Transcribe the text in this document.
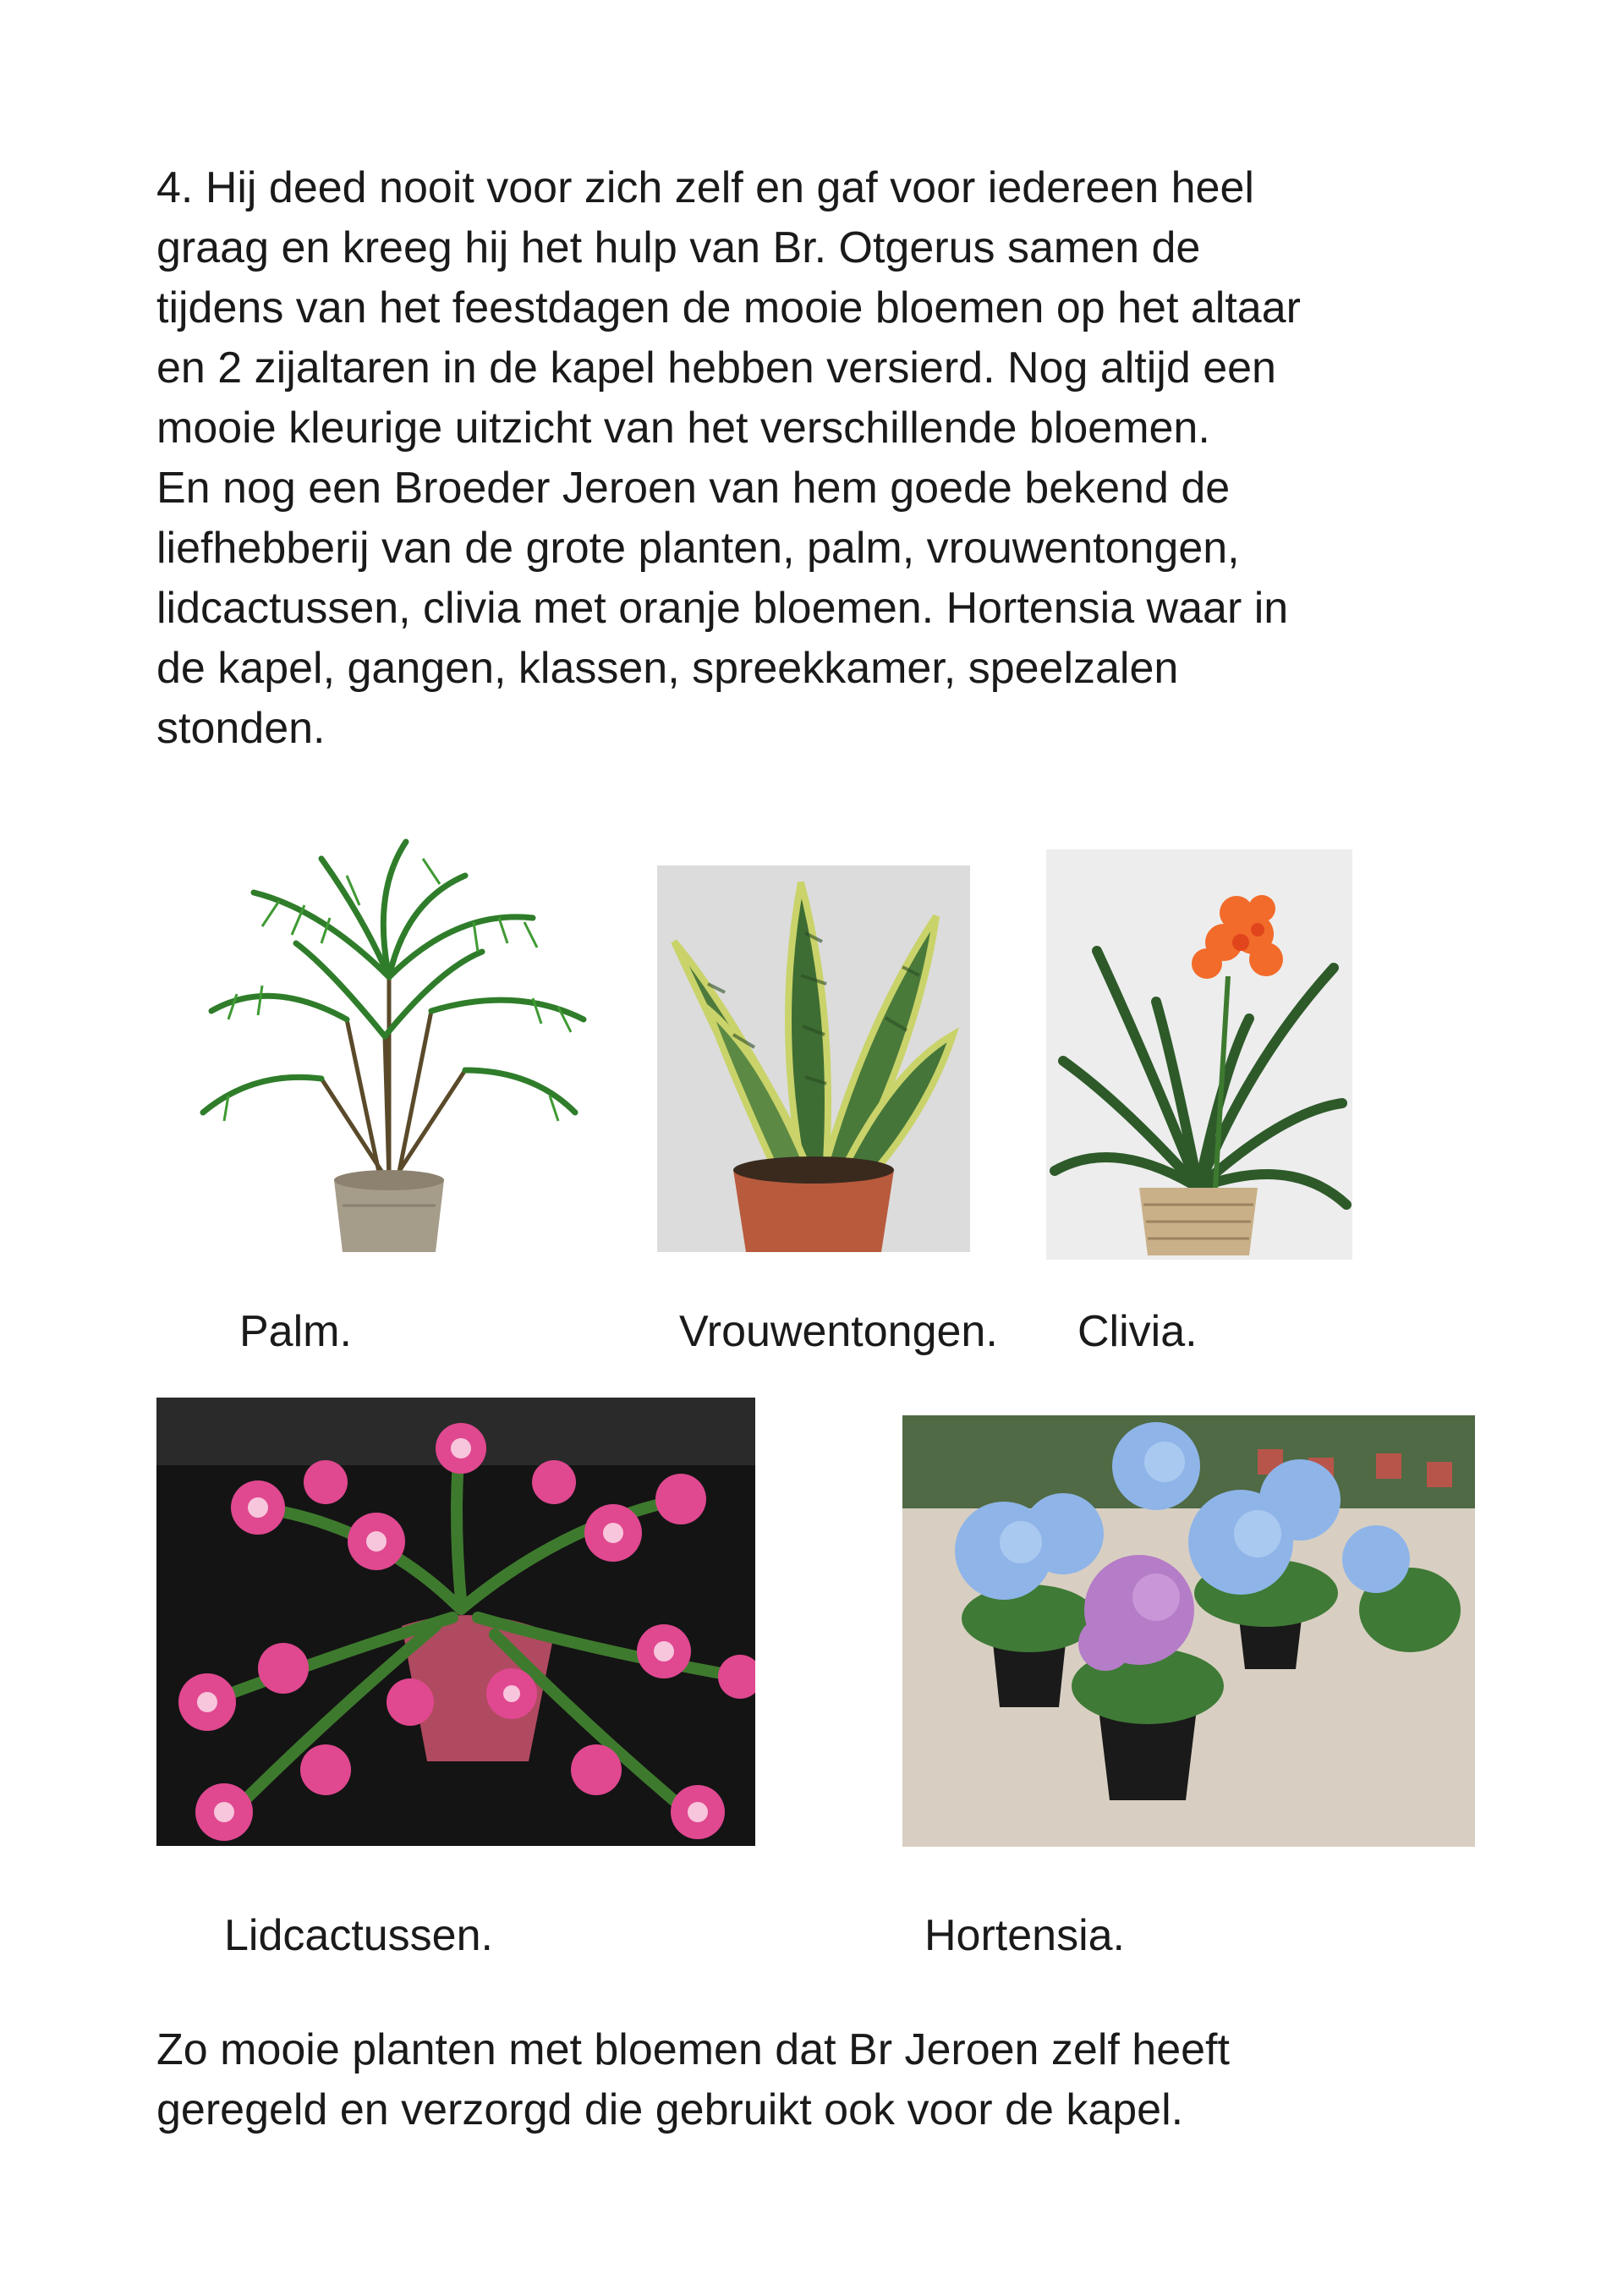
4. Hij deed nooit voor zich zelf en gaf voor iedereen heel
graag en kreeg hij het hulp van Br. Otgerus samen de
tijdens van het feestdagen de mooie bloemen op het altaar
en 2 zijaltaren in de kapel hebben versierd. Nog altijd een
mooie kleurige uitzicht van het verschillende bloemen.
En nog een Broeder Jeroen van hem goede bekend de
liefhebberij van de grote planten, palm, vrouwentongen,
lidcactussen, clivia met oranje bloemen. Hortensia waar in
de kapel, gangen, klassen, spreekkamer, speelzalen
stonden.

Palm.	Vrouwentongen. Clivia.
Lidcactussen.	Hortensia.

Zo mooie planten met bloemen dat Br Jeroen zelf heeft
geregeld en verzorgd die gebruikt ook voor de kapel.
